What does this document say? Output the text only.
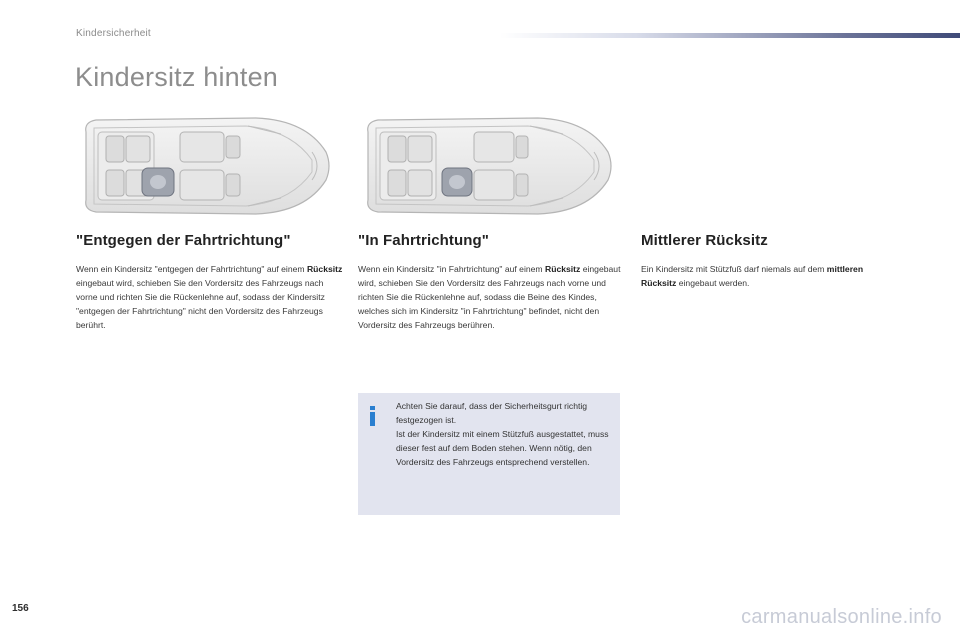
Kindersicherheit
Kindersitz hinten
"Entgegen der Fahrtrichtung"

Wenn ein Kindersitz "entgegen der Fahrtrichtung" auf einem Rücksitz eingebaut wird, schieben Sie den Vordersitz des Fahrzeugs nach vorne und richten Sie die Rückenlehne auf, sodass der Kindersitz "entgegen der Fahrtrichtung" nicht den Vordersitz des Fahrzeugs berührt.

"In Fahrtrichtung"

Wenn ein Kindersitz "in Fahrtrichtung" auf einem Rücksitz eingebaut wird, schieben Sie den Vordersitz des Fahrzeugs nach vorne und richten Sie die Rückenlehne auf, sodass die Beine des Kindes, welches sich im Kindersitz "in Fahrtrichtung" befindet, nicht den Vordersitz des Fahrzeugs berühren.

Mittlerer Rücksitz

Ein Kindersitz mit Stützfuß darf niemals auf dem mittleren Rücksitz eingebaut werden.

Achten Sie darauf, dass der Sicherheitsgurt richtig festgezogen ist.
Ist der Kindersitz mit einem Stützfuß ausgestattet, muss dieser fest auf dem Boden stehen. Wenn nötig, den Vordersitz des Fahrzeugs entsprechend verstellen.
156	carmanualsonline.info
